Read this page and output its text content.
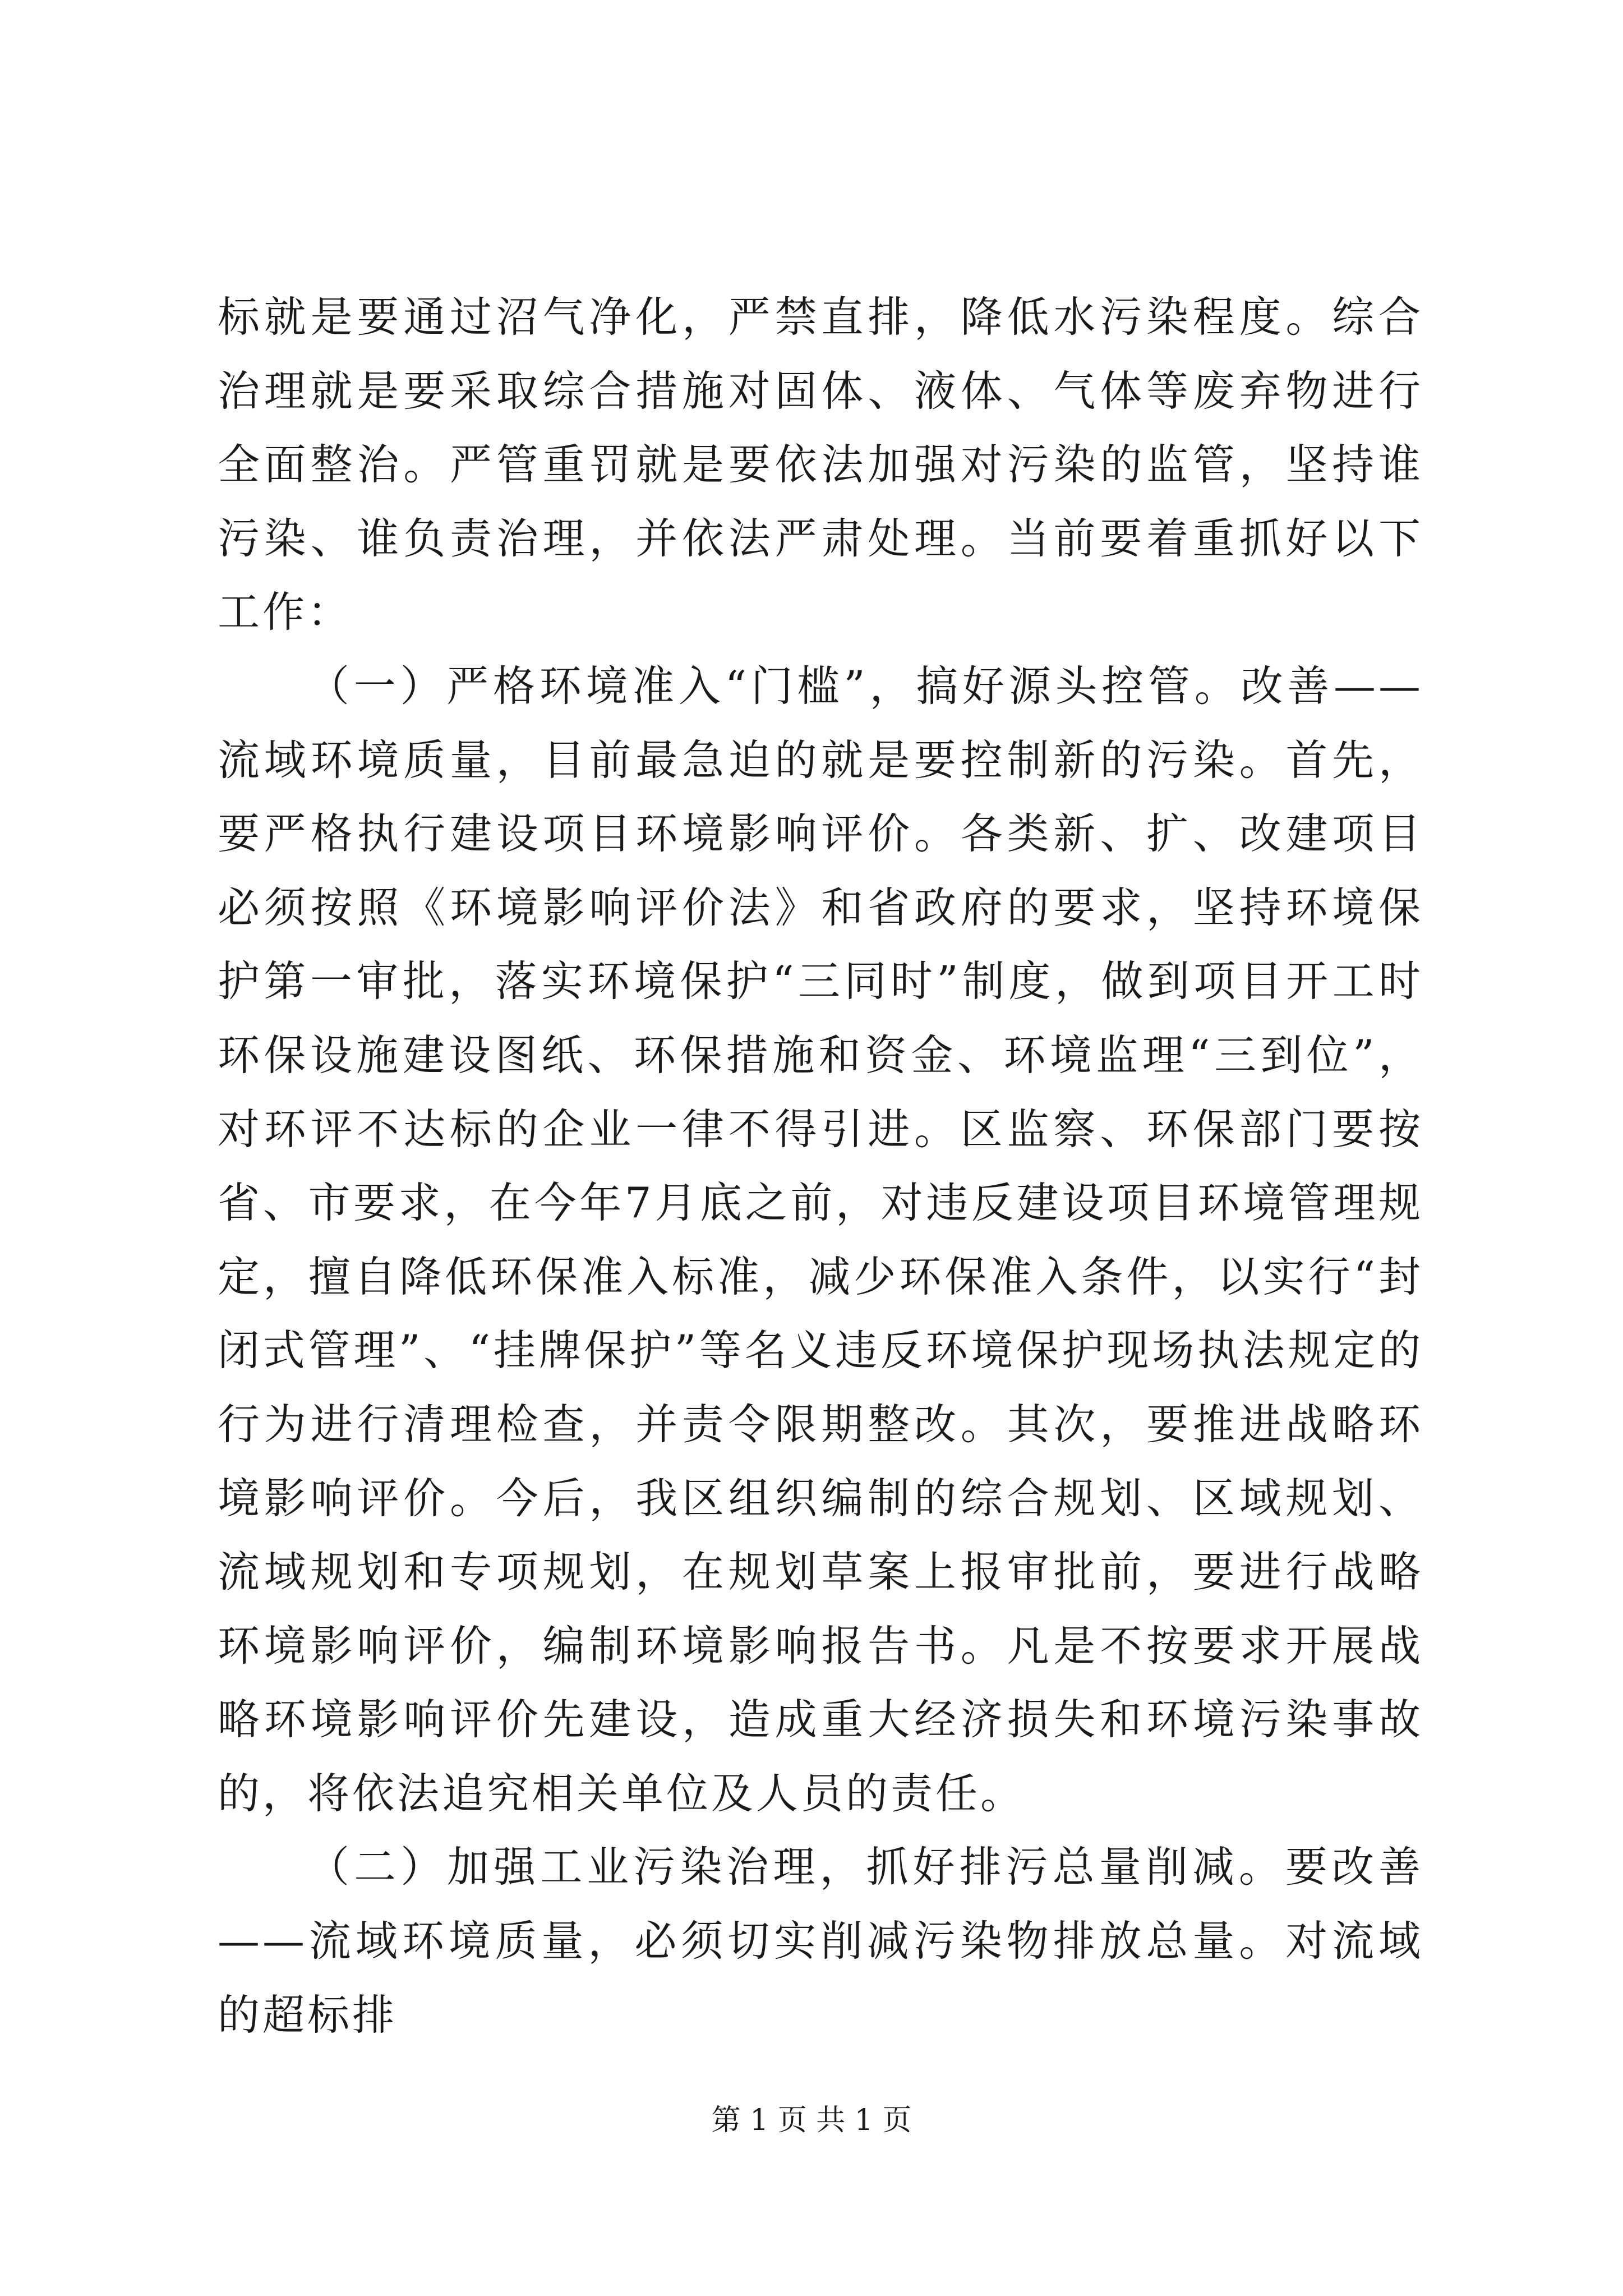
标就是要通过沼气净化，严禁直排，降低水污染程度。综合治理就是要采取综合措施对固体、液体、气体等废弃物进行全面整治。严管重罚就是要依法加强对污染的监管，坚持谁污染、谁负责治理，并依法严肃处理。当前要着重抓好以下工作：

（一）严格环境准入“门槛”，搞好源头控管。改善——流域环境质量，目前最急迫的就是要控制新的污染。首先，要严格执行建设项目环境影响评价。各类新、扩、改建项目必须按照《环境影响评价法》和省政府的要求，坚持环境保护第一审批，落实环境保护“三同时”制度，做到项目开工时环保设施建设图纸、环保措施和资金、环境监理“三到位”，对环评不达标的企业一律不得引进。区监察、环保部门要按省、市要求，在今年7月底之前，对违反建设项目环境管理规定，擅自降低环保准入标准，减少环保准入条件，以实行“封闭式管理”、“挂牌保护”等名义违反环境保护现场执法规定的行为进行清理检查，并责令限期整改。其次，要推进战略环境影响评价。今后，我区组织编制的综合规划、区域规划、流域规划和专项规划，在规划草案上报审批前，要进行战略环境影响评价，编制环境影响报告书。凡是不按要求开展战略环境影响评价先建设，造成重大经济损失和环境污染事故的，将依法追究相关单位及人员的责任。

（二）加强工业污染治理，抓好排污总量削减。要改善——流域环境质量，必须切实削减污染物排放总量。对流域的超标排

第 1 页 共 1 页
